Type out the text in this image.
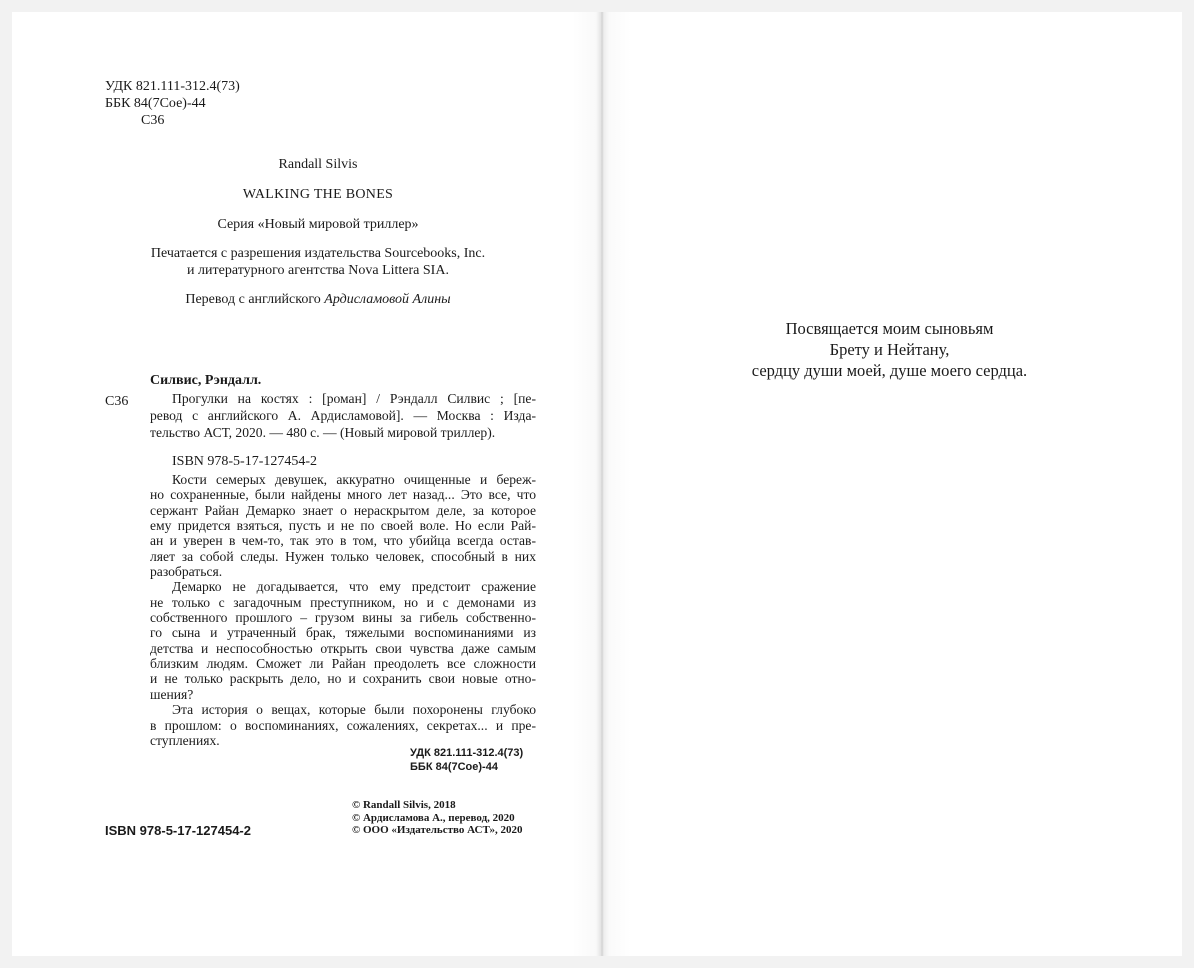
УДК 821.111-312.4(73)
ББК 84(7Сое)-44
С36
Randall Silvis
WALKING THE BONES
Серия «Новый мировой триллер»
Печатается с разрешения издательства Sourcebooks, Inc.
и литературного агентства Nova Littera SIA.
Перевод с английского Ардисламовой Алины
С36
Силвис, Рэндалл.
Прогулки на костях : [роман] / Рэндалл Силвис ; [пе-
ревод с английского А. Ардисламовой]. — Москва : Изда-
тельство АСТ, 2020. — 480 с. — (Новый мировой триллер).
ISBN 978-5-17-127454-2
Кости семерых девушек, аккуратно очищенные и береж-
но сохраненные, были найдены много лет назад... Это все, что
сержант Райан Демарко знает о нераскрытом деле, за которое
ему придется взяться, пусть и не по своей воле. Но если Рай-
ан и уверен в чем-то, так это в том, что убийца всегда остав-
ляет за собой следы. Нужен только человек, способный в них
разобраться.
Демарко не догадывается, что ему предстоит сражение
не только с загадочным преступником, но и с демонами из
собственного прошлого – грузом вины за гибель собственно-
го сына и утраченный брак, тяжелыми воспоминаниями из
детства и неспособностью открыть свои чувства даже самым
близким людям. Сможет ли Райан преодолеть все сложности
и не только раскрыть дело, но и сохранить свои новые отно-
шения?
Эта история о вещах, которые были похоронены глубоко
в прошлом: о воспоминаниях, сожалениях, секретах... и пре-
ступлениях.
УДК 821.111-312.4(73)
ББК 84(7Сое)-44
ISBN 978-5-17-127454-2
© Randall Silvis, 2018
© Ардисламова А., перевод, 2020
© ООО «Издательство АСТ», 2020
Посвящается моим сыновьям
Брету и Нейтану,
сердцу души моей, душе моего сердца.
